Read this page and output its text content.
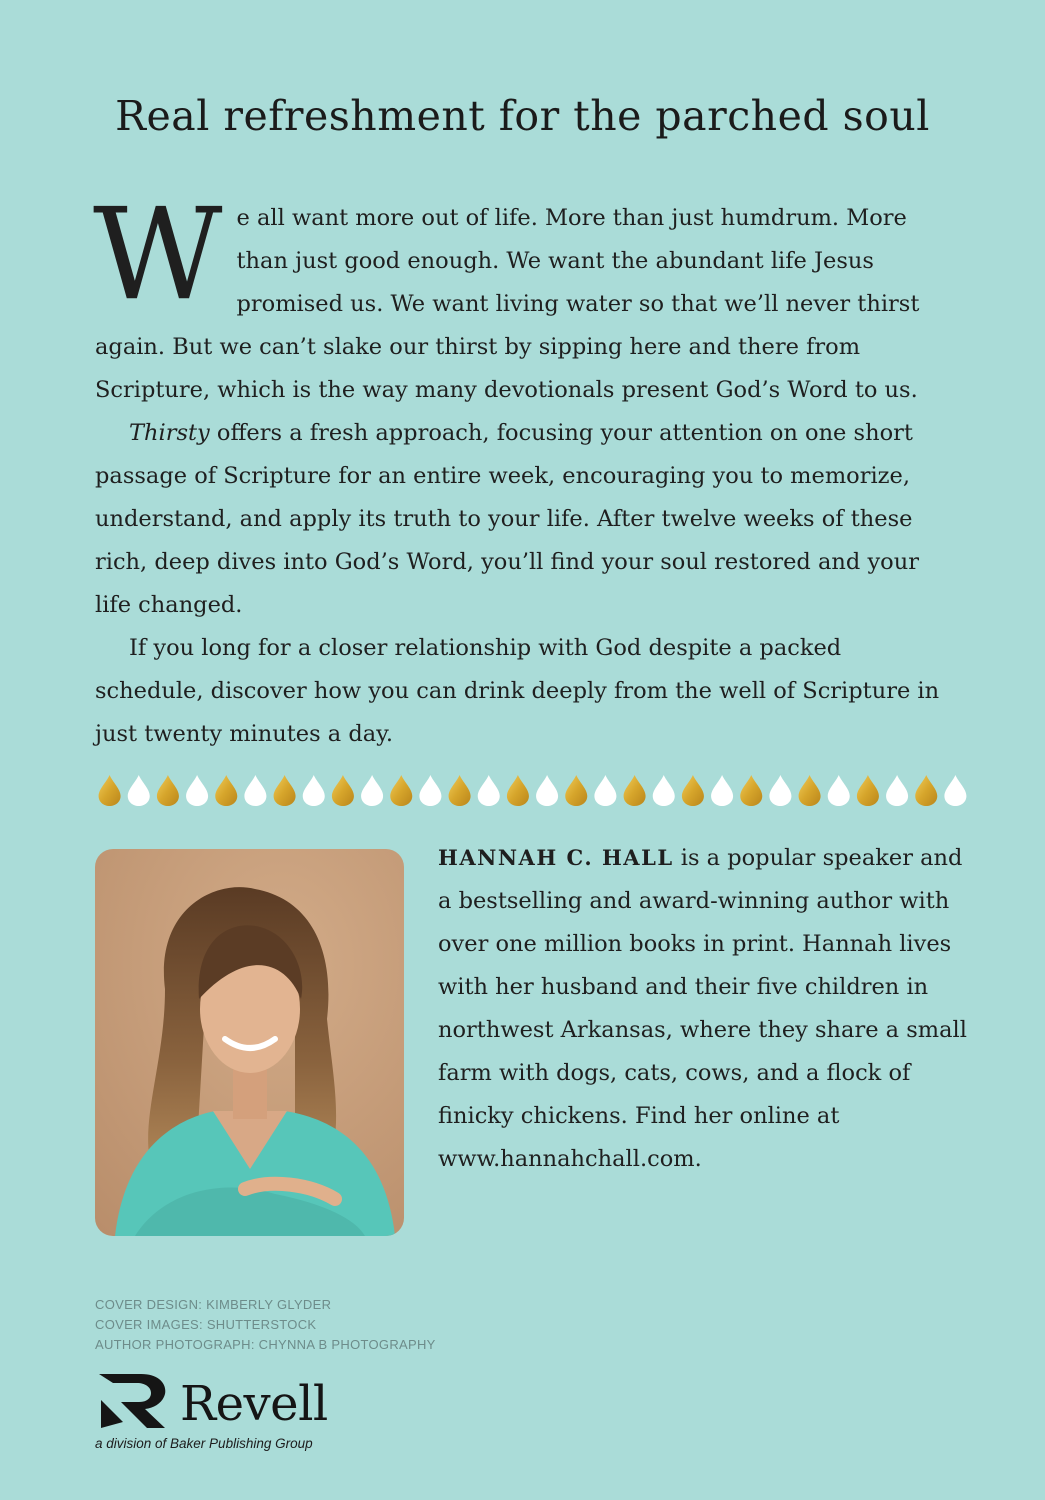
Real refreshment for the parched soul

We all want more out of life. More than just humdrum. More than just good enough. We want the abundant life Jesus promised us. We want living water so that we’ll never thirst again. But we can’t slake our thirst by sipping here and there from Scripture, which is the way many devotionals present God’s Word to us.

Thirsty offers a fresh approach, focusing your attention on one short passage of Scripture for an entire week, encouraging you to memorize, understand, and apply its truth to your life. After twelve weeks of these rich, deep dives into God’s Word, you’ll find your soul restored and your life changed.

If you long for a closer relationship with God despite a packed schedule, discover how you can drink deeply from the well of Scripture in just twenty minutes a day.

HANNAH C. HALL is a popular speaker and a bestselling and award-winning author with over one million books in print. Hannah lives with her husband and their five children in northwest Arkansas, where they share a small farm with dogs, cats, cows, and a flock of finicky chickens. Find her online at www.hannahchall.com.

COVER DESIGN: KIMBERLY GLYDER
COVER IMAGES: SHUTTERSTOCK
AUTHOR PHOTOGRAPH: CHYNNA B PHOTOGRAPHY
Revell
a division of Baker Publishing Group
